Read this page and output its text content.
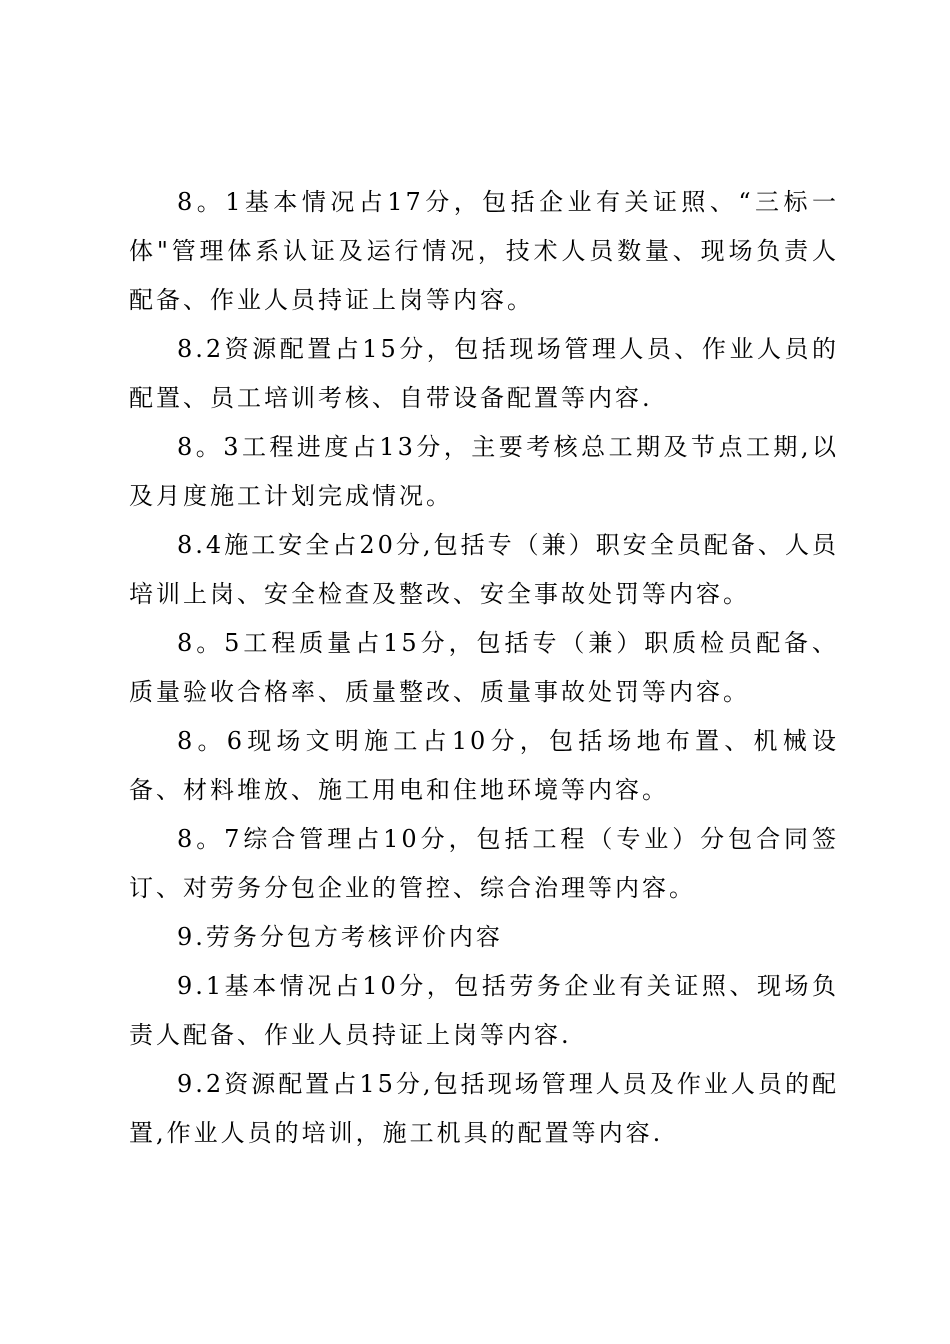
8。1基本情况占17分，包括企业有关证照、“三标一体"管理体系认证及运行情况，技术人员数量、现场负责人配备、作业人员持证上岗等内容。

8.2资源配置占15分，包括现场管理人员、作业人员的配置、员工培训考核、自带设备配置等内容.

8。3工程进度占13分，主要考核总工期及节点工期,以及月度施工计划完成情况。

8.4施工安全占20分,包括专（兼）职安全员配备、人员培训上岗、安全检查及整改、安全事故处罚等内容。

8。5工程质量占15分，包括专（兼）职质检员配备、质量验收合格率、质量整改、质量事故处罚等内容。

8。6现场文明施工占10分，包括场地布置、机械设备、材料堆放、施工用电和住地环境等内容。

8。7综合管理占10分，包括工程（专业）分包合同签订、对劳务分包企业的管控、综合治理等内容。

9.劳务分包方考核评价内容

9.1基本情况占10分，包括劳务企业有关证照、现场负责人配备、作业人员持证上岗等内容.

9.2资源配置占15分,包括现场管理人员及作业人员的配置,作业人员的培训，施工机具的配置等内容.
